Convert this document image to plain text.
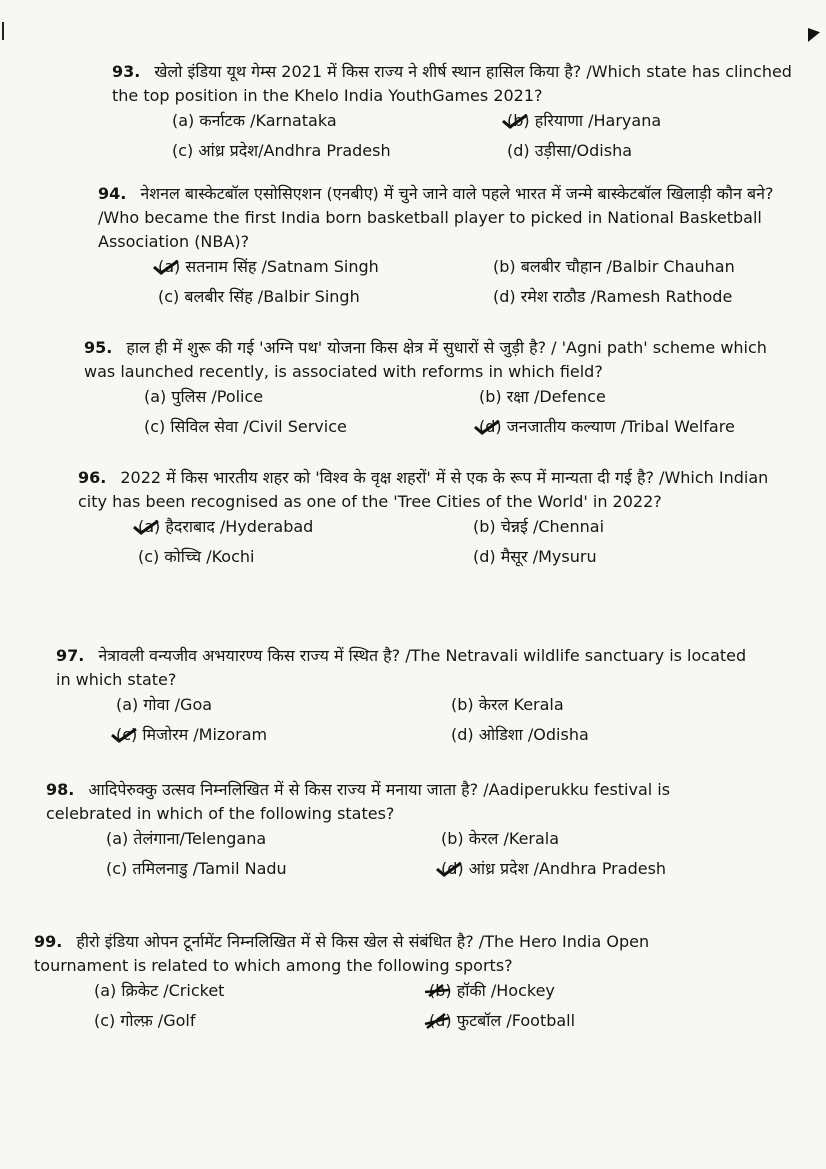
93. खेलो इंडिया यूथ गेम्स 2021 में किस राज्य ने शीर्ष स्थान हासिल किया है? /Which state has clinched the top position in the Khelo India YouthGames 2021?

(a) कर्नाटक /Karnataka	(b) हरियाणा /Haryana
(c) आंध्र प्रदेश/Andhra Pradesh	(d) उड़ीसा/Odisha

94. नेशनल बास्केटबॉल एसोसिएशन (एनबीए) में चुने जाने वाले पहले भारत में जन्मे बास्केटबॉल खिलाड़ी कौन बने? /Who became the first India born basketball player to picked in National Basketball Association (NBA)?

(a) सतनाम सिंह /Satnam Singh	(b) बलबीर चौहान /Balbir Chauhan
(c) बलबीर सिंह /Balbir Singh	(d) रमेश राठौड /Ramesh Rathode

95. हाल ही में शुरू की गई 'अग्नि पथ' योजना किस क्षेत्र में सुधारों से जुड़ी है? / 'Agni path' scheme which was launched recently, is associated with reforms in which field?

(a) पुलिस /Police	(b) रक्षा /Defence
(c) सिविल सेवा /Civil Service	(d) जनजातीय कल्याण /Tribal Welfare

96. 2022 में किस भारतीय शहर को 'विश्व के वृक्ष शहरों' में से एक के रूप में मान्यता दी गई है? /Which Indian city has been recognised as one of the 'Tree Cities of the World' in 2022?

(a) हैदराबाद /Hyderabad	(b) चेन्नई /Chennai
(c) कोच्चि /Kochi	(d) मैसूर /Mysuru

97. नेत्रावली वन्यजीव अभयारण्य किस राज्य में स्थित है? /The Netravali wildlife sanctuary is located in which state?

(a) गोवा /Goa	(b) केरल Kerala
(c) मिजोरम /Mizoram	(d) ओडिशा /Odisha

98. आदिपेरुक्कु उत्सव निम्नलिखित में से किस राज्य में मनाया जाता है? /Aadiperukku festival is celebrated in which of the following states?

(a) तेलंगाना/Telengana	(b) केरल /Kerala
(c) तमिलनाडु /Tamil Nadu	(d) आंध्र प्रदेश /Andhra Pradesh

99. हीरो इंडिया ओपन टूर्नामेंट निम्नलिखित में से किस खेल से संबंधित है? /The Hero India Open tournament is related to which among the following sports?

(a) क्रिकेट /Cricket	(b) हॉकी /Hockey
(c) गोल्फ़ /Golf	(d) फुटबॉल /Football
